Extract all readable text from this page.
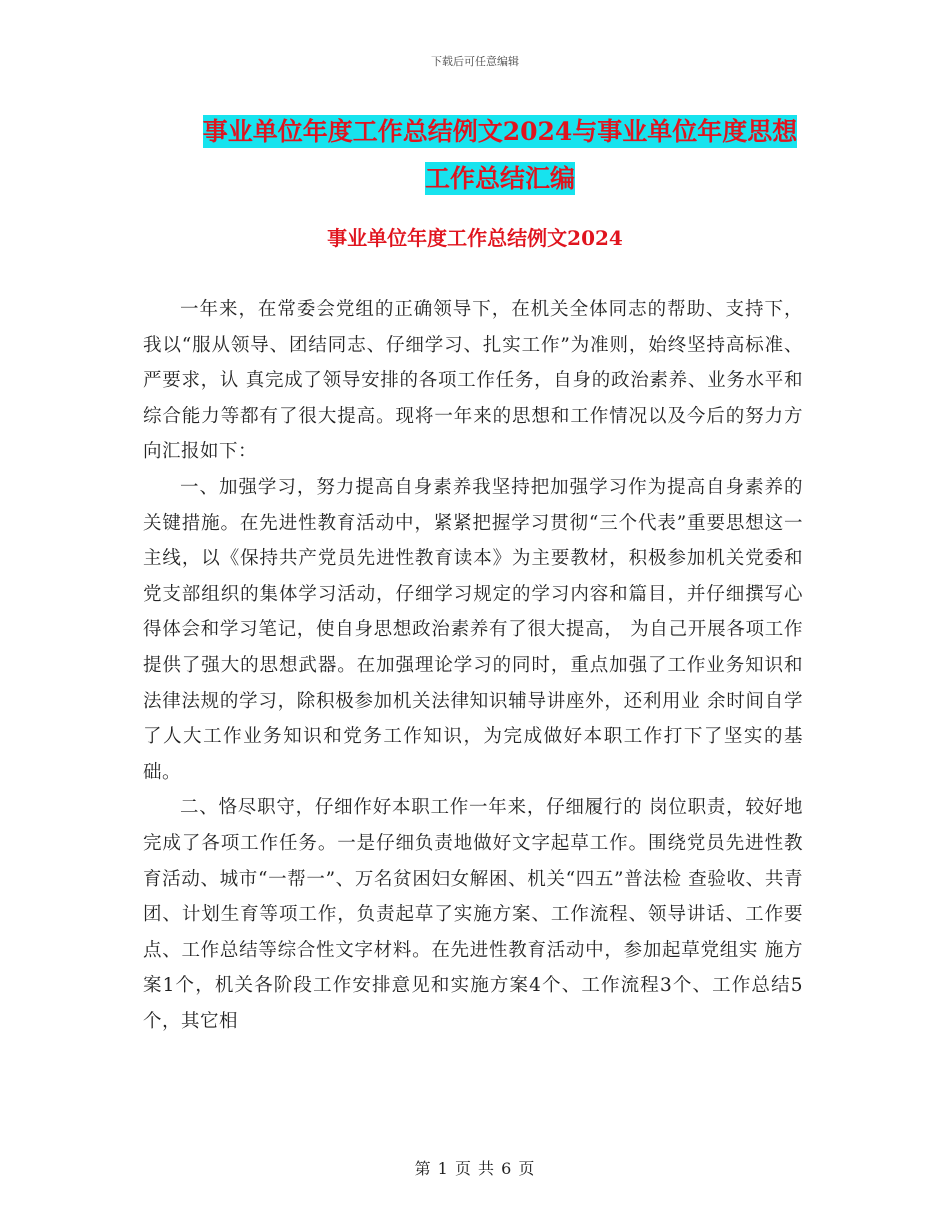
下载后可任意编辑
事业单位年度工作总结例文2024与事业单位年度思想
工作总结汇编
事业单位年度工作总结例文2024

一年来，在常委会党组的正确领导下，在机关全体同志的帮助、支持下，我以“服从领导、团结同志、仔细学习、扎实工作”为准则，始终坚持高标准、严要求，认 真完成了领导安排的各项工作任务，自身的政治素养、业务水平和综合能力等都有了很大提高。现将一年来的思想和工作情况以及今后的努力方向汇报如下：

一、加强学习，努力提高自身素养我坚持把加强学习作为提高自身素养的关键措施。在先进性教育活动中，紧紧把握学习贯彻“三个代表”重要思想这一主线，以《保持共产党员先进性教育读本》为主要教材，积极参加机关党委和党支部组织的集体学习活动，仔细学习规定的学习内容和篇目，并仔细撰写心得体会和学习笔记，使自身思想政治素养有了很大提高， 为自己开展各项工作提供了强大的思想武器。在加强理论学习的同时，重点加强了工作业务知识和法律法规的学习，除积极参加机关法律知识辅导讲座外，还利用业 余时间自学了人大工作业务知识和党务工作知识，为完成做好本职工作打下了坚实的基础。

二、恪尽职守，仔细作好本职工作一年来，仔细履行的 岗位职责，较好地完成了各项工作任务。一是仔细负责地做好文字起草工作。围绕党员先进性教育活动、城市“一帮一”、万名贫困妇女解困、机关“四五”普法检 查验收、共青团、计划生育等项工作，负责起草了实施方案、工作流程、领导讲话、工作要点、工作总结等综合性文字材料。在先进性教育活动中，参加起草党组实 施方案1个，机关各阶段工作安排意见和实施方案4个、工作流程3个、工作总结5个，其它相

第 1 页 共 6 页
